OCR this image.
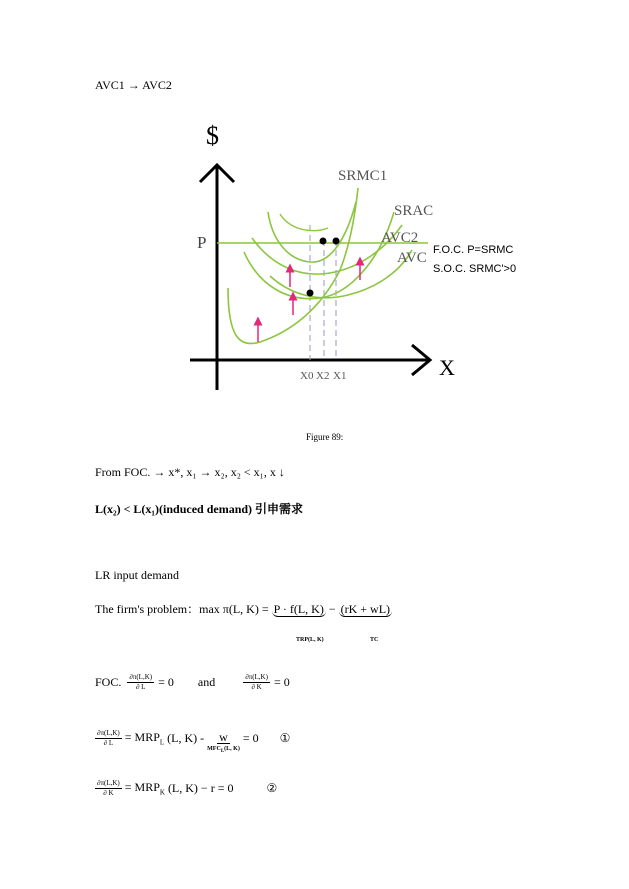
AVC1 → AVC2
$
X
P
SRMC1
SRAC
AVC2
AVC
X0 X2 X1
F.O.C. P=SRMC
S.O.C. SRMC'>0
Figure 89:
From FOC. → x*, x₁ → x₂, x₂ < x₁, x ↓
L(x₂) < L(x₁)(induced demand) 引申需求
LR input demand
The firm's problem：max π(L, K) = P · f(L, K) − (rK + wL)
TRP(L, K)	TC
FOC. $\frac{\partial\pi(L,K)}{\partial L} = 0$ and	$\frac{\partial\pi(L,K)}{\partial K} = 0$
$\frac{\partial\pi(L,K)}{\partial L} = MRP_L$ (L, K) - w
$MFC_L(L$, K)
= 0 ①
$\frac{\partial\pi(L,K)}{\partial K} = MRP_K$ (L, K) − r = 0	②
